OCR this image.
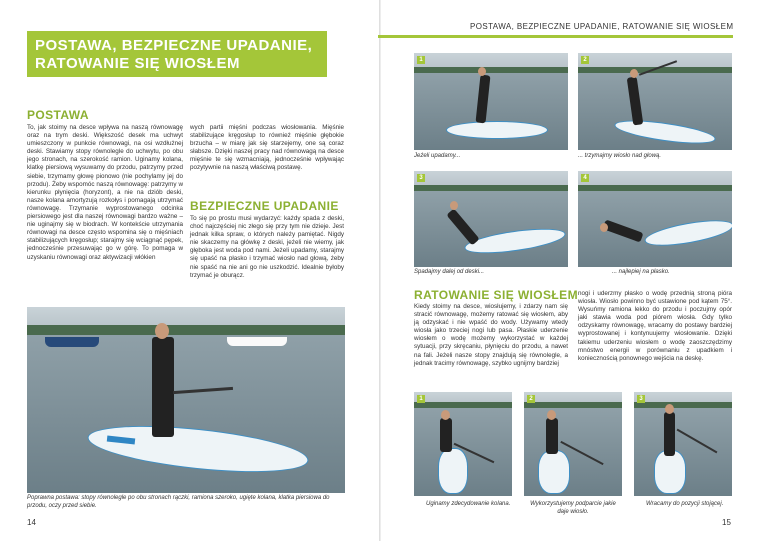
POSTAWA, BEZPIECZNE UPADANIE, RATOWANIE SIĘ WIOSŁEM
POSTAWA
To, jak stoimy na desce wpływa na naszą równowagę oraz na trym deski. Większość desek ma uchwyt umieszczony w punkcie równowagi, na osi wzdłużnej deski. Stawiamy stopy równolegle do uchwytu, po obu jego stronach, na szerokość ramion. Uginamy kolana, klatkę piersiową wysuwamy do przodu, patrzymy przed siebie, trzymamy głowę pionowo (nie pochylamy jej do przodu). Żeby wspomóc naszą równowagę: patrzymy w kierunku płynięcia (horyzont), a nie na dziób deski, nasze kolana amortyzują rozkołys i pomagają utrzymać równowagę. Trzymanie wyprostowanego odcinka piersiowego jest dla naszej równowagi bardzo ważne – nie uginajmy się w biodrach. W kontekście utrzymania równowagi na desce często wspomina się o mięśniach stabilizujących kręgosłup; starajmy się wciągnąć pępek, jednocześnie przesuwając go w górę. To pomaga w uzyskaniu równowagi oraz aktywizacji włókien
wych partii mięśni podczas wiosłowania. Mięśnie stabilizujące kręgosłup to również mięśnie głębokie brzucha – w miarę jak się starzejemy, one są coraz słabsze. Dzięki naszej pracy nad równowagą na desce mięśnie te się wzmacniają, jednocześnie wpływając pozytywnie na naszą właściwą postawę.
BEZPIECZNE UPADANIE
To się po prostu musi wydarzyć: każdy spada z deski, choć najczęściej nic złego się przy tym nie dzieje. Jest jednak kilka spraw, o których należy pamiętać. Nigdy nie skaczemy na główkę z deski, jeżeli nie wiemy, jak głęboka jest woda pod nami. Jeżeli upadamy, starajmy się upaść na płasko i trzymać wiosło nad głową, żeby nie spaść na nie ani go nie uszkodzić. Idealnie byłoby trzymać je oburącz.
Poprawna postawa: stopy równolegle po obu stronach rączki, ramiona szeroko, ugięte kolana, klatka piersiowa do przodu, oczy przed siebie.
14
POSTAWA, BEZPIECZNE UPADANIE, RATOWANIE SIĘ WIOSŁEM
1
Jeżeli upadamy...
2
... trzymajmy wiosło nad głową.
3
Spadajmy dalej od deski...
4
... najlepiej na płasko.
RATOWANIE SIĘ WIOSŁEM
Kiedy stoimy na desce, wiosłujemy, i zdarzy nam się stracić równowagę, możemy ratować się wiosłem, aby ją odzyskać i nie wpaść do wody. Używamy wtedy wiosła jako trzeciej nogi lub pasa. Płaskie uderzenie wiosłem o wodę możemy wykorzystać w każdej sytuacji, przy skręcaniu, płynięciu do przodu, a nawet na fali. Jeżeli nasze stopy znajdują się równolegle, a jednak tracimy równowagę, szybko ugnijmy bardziej
nogi i uderzmy płasko o wodę przednią stroną pióra wiosła. Wiosło powinno być ustawione pod kątem 75°. Wysuńmy ramiona lekko do przodu i poczujmy opór jaki stawia woda pod piórem wiosła. Gdy tylko odzyskamy równowagę, wracamy do postawy bardziej wyprostowanej i kontynuujemy wiosłowanie. Dzięki takiemu uderzeniu wiosłem o wodę zaoszczędzimy mnóstwo energii w porównaniu z upadkiem i koniecznością ponownego wejścia na deskę.
1
Uginamy zdecydowanie kolana.
2
Wykorzystujemy podparcie jakie daje wiosło.
3
Wracamy do pozycji stojącej.
15
